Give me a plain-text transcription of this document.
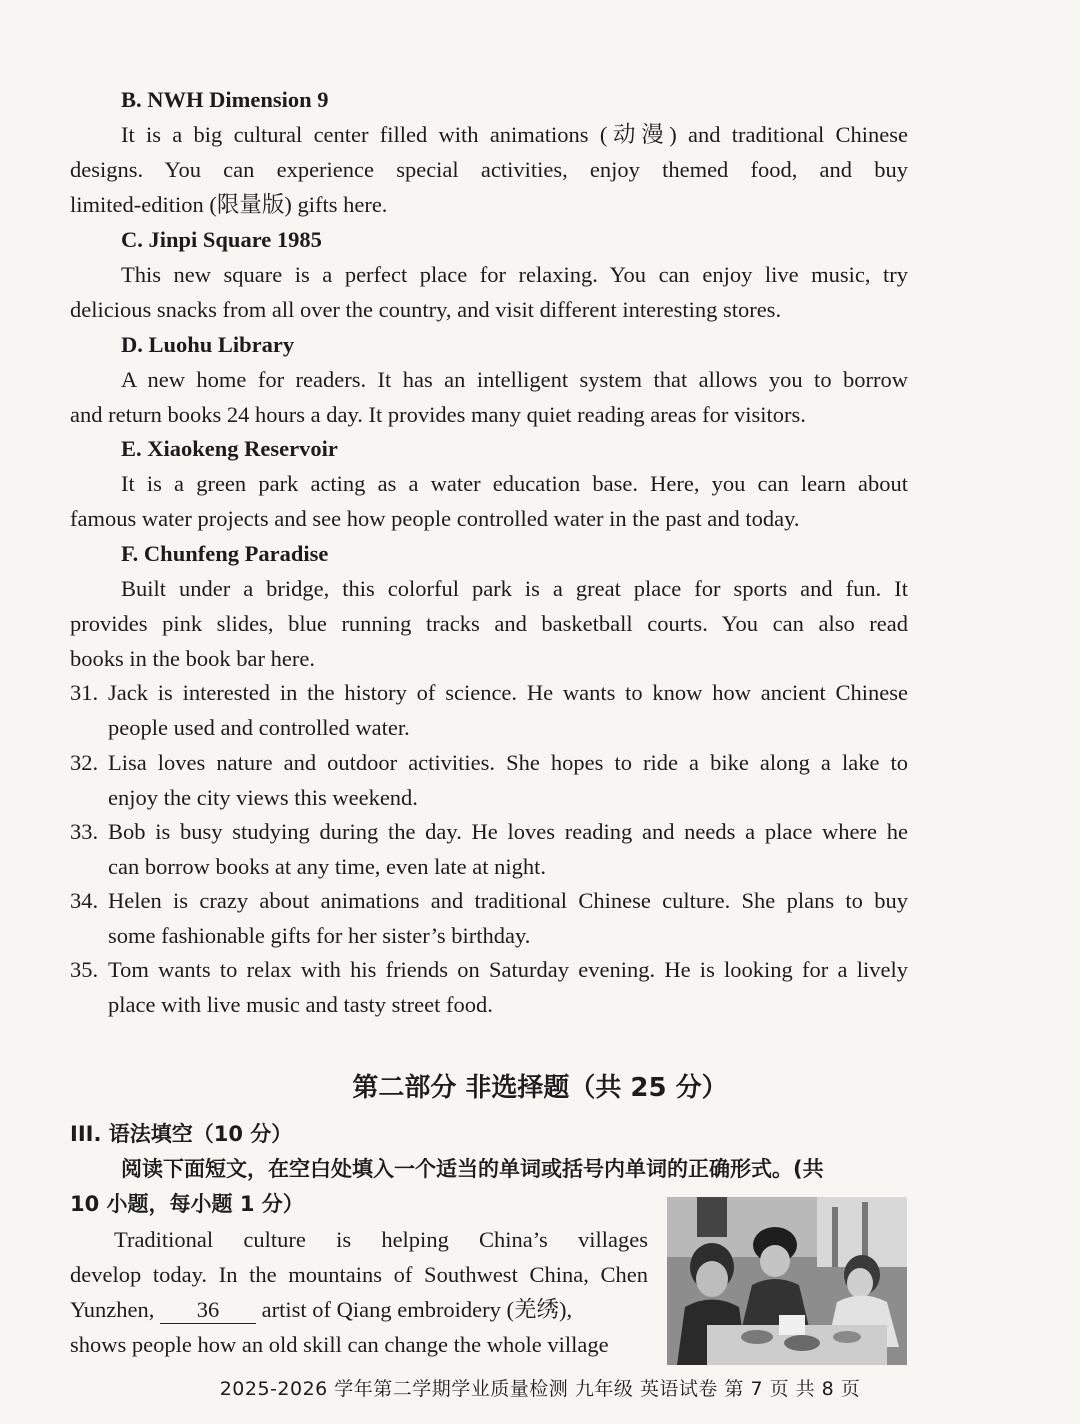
B. NWH Dimension 9
It is a big cultural center filled with animations (动漫) and traditional Chinese
designs. You can experience special activities, enjoy themed food, and buy
limited-edition (限量版) gifts here.
C. Jinpi Square 1985
This new square is a perfect place for relaxing. You can enjoy live music, try
delicious snacks from all over the country, and visit different interesting stores.
D. Luohu Library
A new home for readers. It has an intelligent system that allows you to borrow
and return books 24 hours a day. It provides many quiet reading areas for visitors.
E. Xiaokeng Reservoir
It is a green park acting as a water education base. Here, you can learn about
famous water projects and see how people controlled water in the past and today.
F. Chunfeng Paradise
Built under a bridge, this colorful park is a great place for sports and fun. It
provides pink slides, blue running tracks and basketball courts. You can also read
books in the book bar here.
31. Jack is interested in the history of science. He wants to know how ancient Chinese
people used and controlled water.
32. Lisa loves nature and outdoor activities. She hopes to ride a bike along a lake to
enjoy the city views this weekend.
33. Bob is busy studying during the day. He loves reading and needs a place where he
can borrow books at any time, even late at night.
34. Helen is crazy about animations and traditional Chinese culture. She plans to buy
some fashionable gifts for her sister’s birthday.
35. Tom wants to relax with his friends on Saturday evening. He is looking for a lively
place with live music and tasty street food.
第二部分 非选择题（共 25 分）
III. 语法填空（10 分）
阅读下面短文，在空白处填入一个适当的单词或括号内单词的正确形式。(共
10 小题，每小题 1 分）
Traditional culture is helping China’s villages
develop today. In the mountains of Southwest China, Chen
Yunzhen, 36 artist of Qiang embroidery (羌绣),
shows people how an old skill can change the whole village
2025-2026 学年第二学期学业质量检测 九年级 英语试卷 第 7 页 共 8 页
